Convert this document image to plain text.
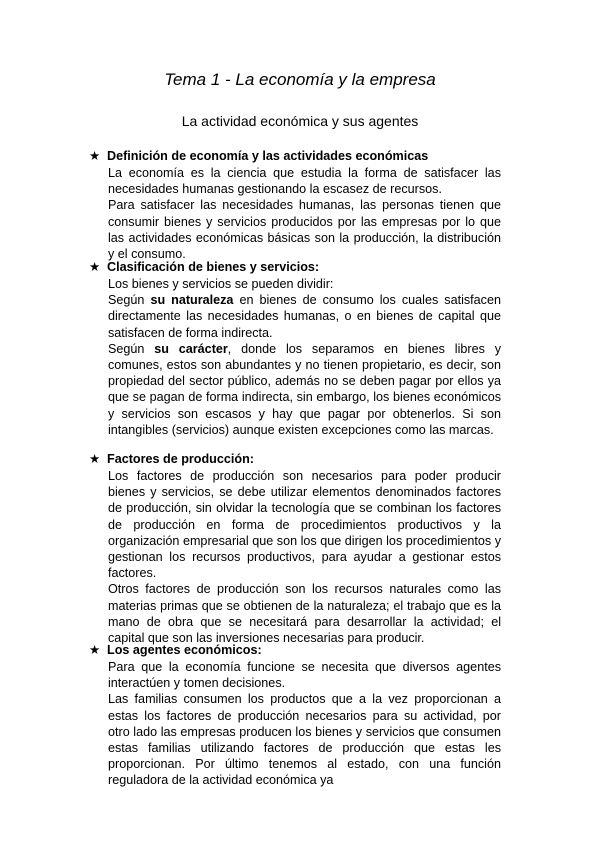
Tema 1 - La economía y la empresa
La actividad económica y sus agentes
★ Definición de economía y las actividades económicas

La economía es la ciencia que estudia la forma de satisfacer las necesidades humanas gestionando la escasez de recursos.

Para satisfacer las necesidades humanas, las personas tienen que consumir bienes y servicios producidos por las empresas por lo que las actividades económicas básicas son la producción, la distribución y el consumo.

★ Clasificación de bienes y servicios:

Los bienes y servicios se pueden dividir:

Según su naturaleza en bienes de consumo los cuales satisfacen directamente las necesidades humanas, o en bienes de capital que satisfacen de forma indirecta.

Según su carácter, donde los separamos en bienes libres y comunes, estos son abundantes y no tienen propietario, es decir, son propiedad del sector público, además no se deben pagar por ellos ya que se pagan de forma indirecta, sin embargo, los bienes económicos y servicios son escasos y hay que pagar por obtenerlos. Si son intangibles (servicios) aunque existen excepciones como las marcas.

★ Factores de producción:

Los factores de producción son necesarios para poder producir bienes y servicios, se debe utilizar elementos denominados factores de producción, sin olvidar la tecnología que se combinan los factores de producción en forma de procedimientos productivos y la organización empresarial que son los que dirigen los procedimientos y gestionan los recursos productivos, para ayudar a gestionar estos factores.

Otros factores de producción son los recursos naturales como las materias primas que se obtienen de la naturaleza; el trabajo que es la mano de obra que se necesitará para desarrollar la actividad; el capital que son las inversiones necesarias para producir.

★ Los agentes económicos:

Para que la economía funcione se necesita que diversos agentes interactúen y tomen decisiones.

Las familias consumen los productos que a la vez proporcionan a estas los factores de producción necesarios para su actividad, por otro lado las empresas producen los bienes y servicios que consumen estas familias utilizando factores de producción que estas les proporcionan. Por último tenemos al estado, con una función reguladora de la actividad económica ya
